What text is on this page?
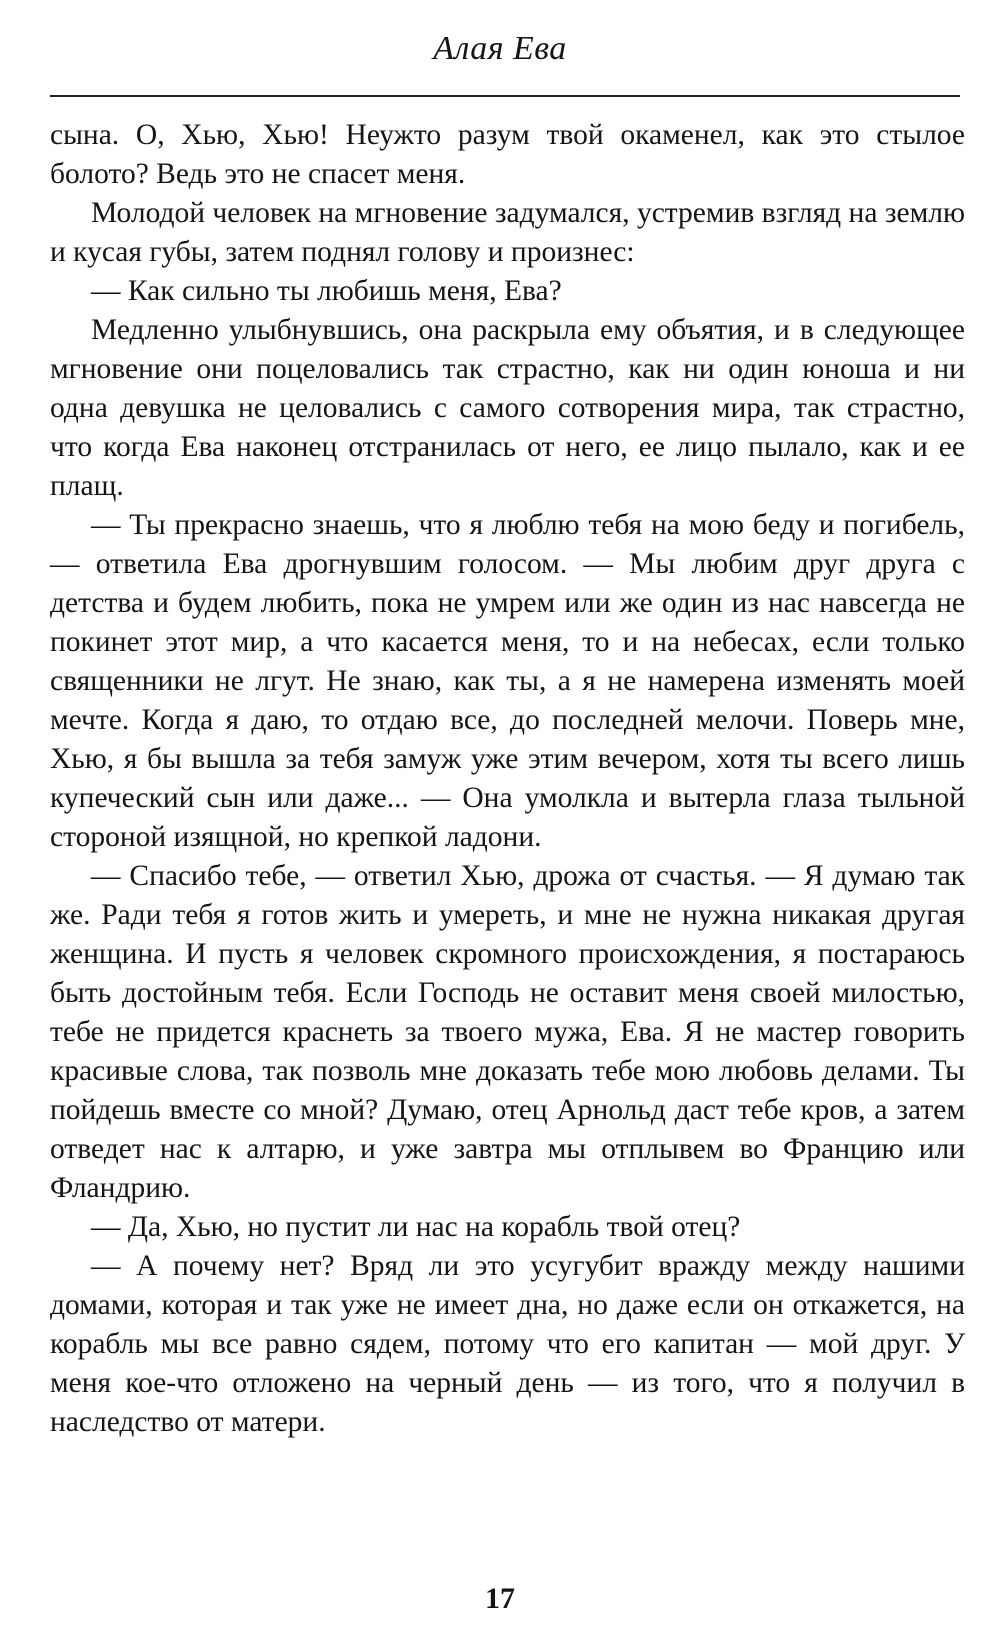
Алая Ева

сына. О, Хью, Хью! Неужто разум твой окаменел, как это стылое болото? Ведь это не спасет меня.

Молодой человек на мгновение задумался, устремив взгляд на землю и кусая губы, затем поднял голову и произнес:

— Как сильно ты любишь меня, Ева?

Медленно улыбнувшись, она раскрыла ему объятия, и в следующее мгновение они поцеловались так страстно, как ни один юноша и ни одна девушка не целовались с самого сотворения мира, так страстно, что когда Ева наконец отстранилась от него, ее лицо пылало, как и ее плащ.

— Ты прекрасно знаешь, что я люблю тебя на мою беду и погибель, — ответила Ева дрогнувшим голосом. — Мы любим друг друга с детства и будем любить, пока не умрем или же один из нас навсегда не покинет этот мир, а что касается меня, то и на небесах, если только священники не лгут. Не знаю, как ты, а я не намерена изменять моей мечте. Когда я даю, то отдаю все, до последней мелочи. Поверь мне, Хью, я бы вышла за тебя замуж уже этим вечером, хотя ты всего лишь купеческий сын или даже... — Она умолкла и вытерла глаза тыльной стороной изящной, но крепкой ладони.

— Спасибо тебе, — ответил Хью, дрожа от счастья. — Я думаю так же. Ради тебя я готов жить и умереть, и мне не нужна никакая другая женщина. И пусть я человек скромного происхождения, я постараюсь быть достойным тебя. Если Господь не оставит меня своей милостью, тебе не придется краснеть за твоего мужа, Ева. Я не мастер говорить красивые слова, так позволь мне доказать тебе мою любовь делами. Ты пойдешь вместе со мной? Думаю, отец Арнольд даст тебе кров, а затем отведет нас к алтарю, и уже завтра мы отплывем во Францию или Фландрию.

— Да, Хью, но пустит ли нас на корабль твой отец?

— А почему нет? Вряд ли это усугубит вражду между нашими домами, которая и так уже не имеет дна, но даже если он откажется, на корабль мы все равно сядем, потому что его капитан — мой друг. У меня кое-что отложено на черный день — из того, что я получил в наследство от матери.

17
